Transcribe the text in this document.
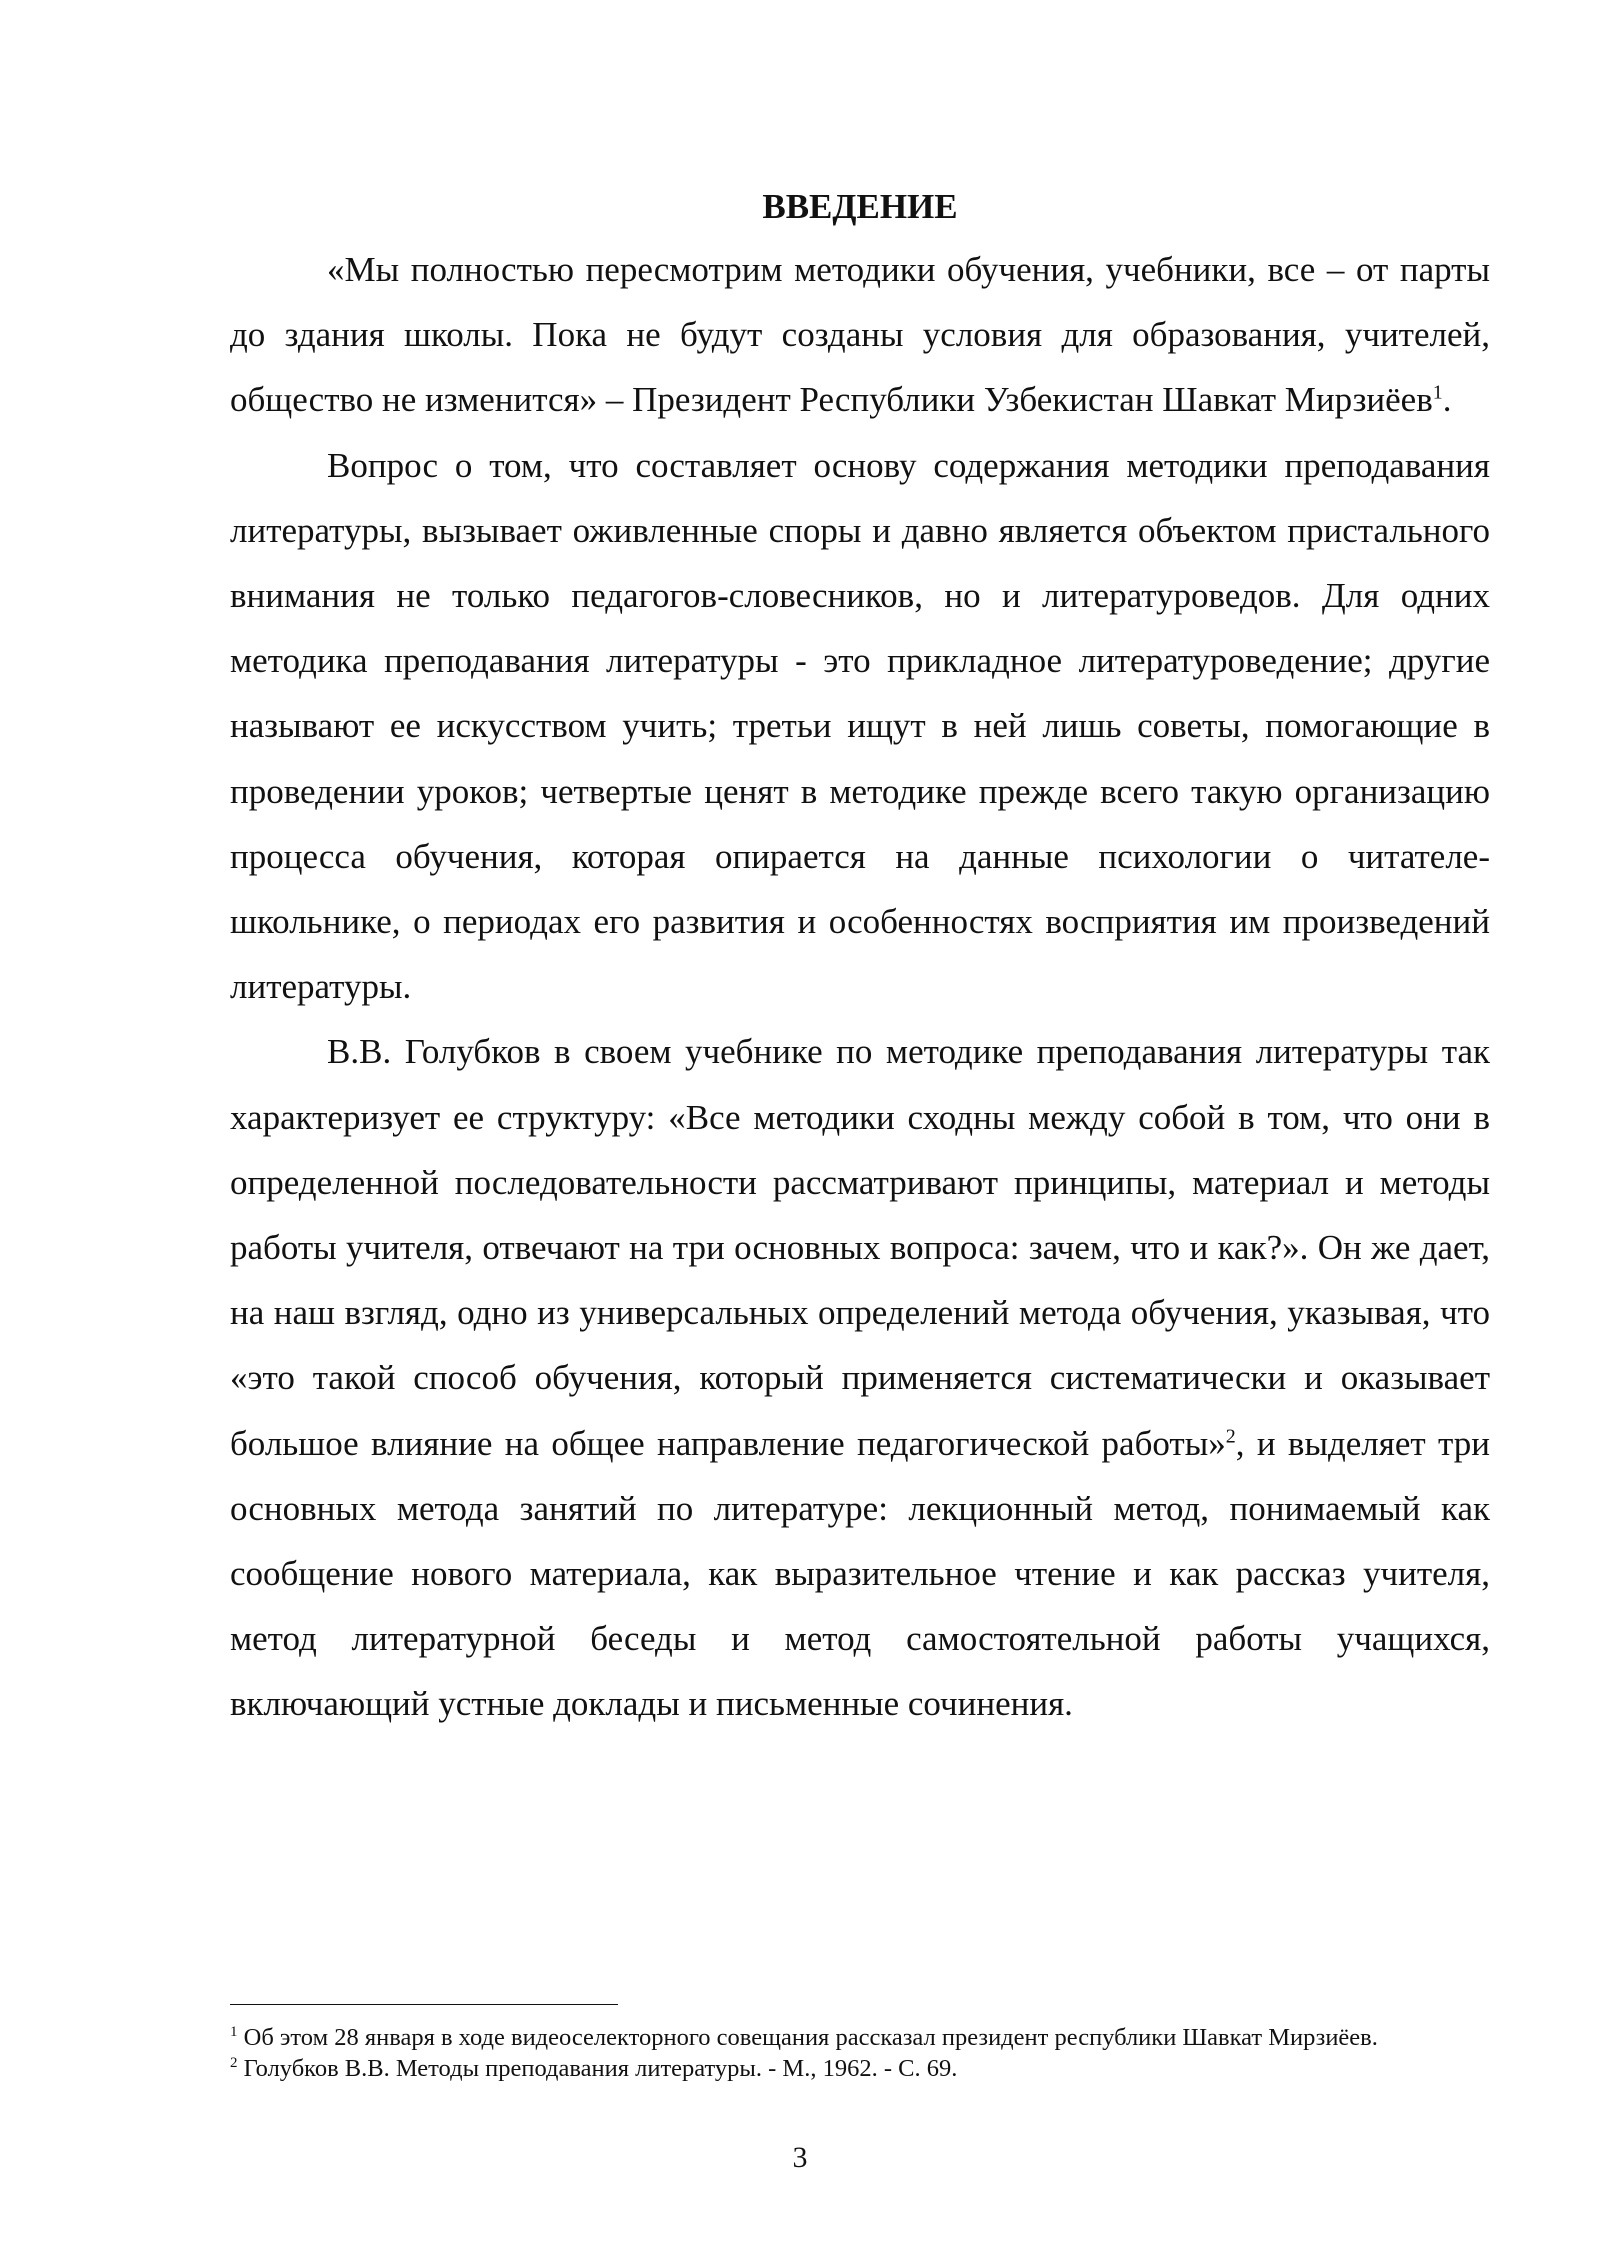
ВВЕДЕНИЕ

«Мы полностью пересмотрим методики обучения, учебники, все – от парты до здания школы. Пока не будут созданы условия для образования, учителей, общество не изменится» – Президент Республики Узбекистан Шавкат Мирзиёев$^1$.

Вопрос о том, что составляет основу содержания методики преподавания литературы, вызывает оживленные споры и давно является объектом пристального внимания не только педагогов-словесников, но и литературоведов. Для одних методика преподавания литературы - это прикладное литературоведение; другие называют ее искусством учить; третьи ищут в ней лишь советы, помогающие в проведении уроков; четвертые ценят в методике прежде всего такую организацию процесса обучения, которая опирается на данные психологии о читателе-школьнике, о периодах его развития и особенностях восприятия им произведений литературы.

В.В. Голубков в своем учебнике по методике преподавания литературы так характеризует ее структуру: «Все методики сходны между собой в том, что они в определенной последовательности рассматривают принципы, материал и методы работы учителя, отвечают на три основных вопроса: зачем, что и как?». Он же дает, на наш взгляд, одно из универсальных определений метода обучения, указывая, что «это такой способ обучения, который применяется систематически и оказывает большое влияние на общее направление педагогической работы»$^2$, и выделяет три основных метода занятий по литературе: лекционный метод, понимаемый как сообщение нового материала, как выразительное чтение и как рассказ учителя, метод литературной беседы и метод самостоятельной работы учащихся, включающий устные доклады и письменные сочинения.

$^1$ Об этом 28 января в ходе видеоселекторного совещания рассказал президент республики Шавкат Мирзиёев.

$^2$ Голубков В.В. Методы преподавания литературы. - М., 1962. - С. 69.

3
